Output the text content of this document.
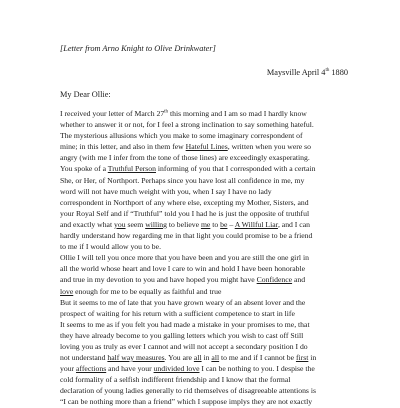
[Letter from Arno Knight to Olive Drinkwater]
Maysville April 4th 1880
My Dear Ollie:
I received your letter of March 27th this morning and I am so mad I hardly know
whether to answer it or not, for I feel a strong inclination to say something hateful.
The mysterious allusions which you make to some imaginary correspondent of
mine; in this letter, and also in them few Hateful Lines, written when you were so
angry (with me I infer from the tone of those lines) are exceedingly exasperating.
You spoke of a Truthful Person informing of you that I corresponded with a certain
She, or Her, of Northport. Perhaps since you have lost all confidence in me, my
word will not have much weight with you, when I say I have no lady
correspondent in Northport of any where else, excepting my Mother, Sisters, and
your Royal Self and if “Truthful” told you I had he is just the opposite of truthful
and exactly what you seem willing to believe me to be – A Willful Liar, and I can
hardly understand how regarding me in that light you could promise to be a friend
to me if I would allow you to be.
Ollie I will tell you once more that you have been and you are still the one girl in
all the world whose heart and love I care to win and hold I have been honorable
and true in my devotion to you and have hoped you might have Confidence and
love enough for me to be equally as faithful and true
But it seems to me of late that you have grown weary of an absent lover and the
prospect of waiting for his return with a sufficient competence to start in life
It seems to me as if you felt you had made a mistake in your promises to me, that
they have already become to you galling letters which you wish to cast off Still
loving you as truly as ever I cannot and will not accept a secondary position I do
not understand half way measures. You are all in all to me and if I cannot be first in
your affections and have your undivided love I can be nothing to you. I despise the
cold formality of a selfish indifferent friendship and I know that the formal
declaration of young ladies generally to rid themselves of disagreeable attentions is
“I can be nothing more than a friend” which I suppose implys they are not exactly
